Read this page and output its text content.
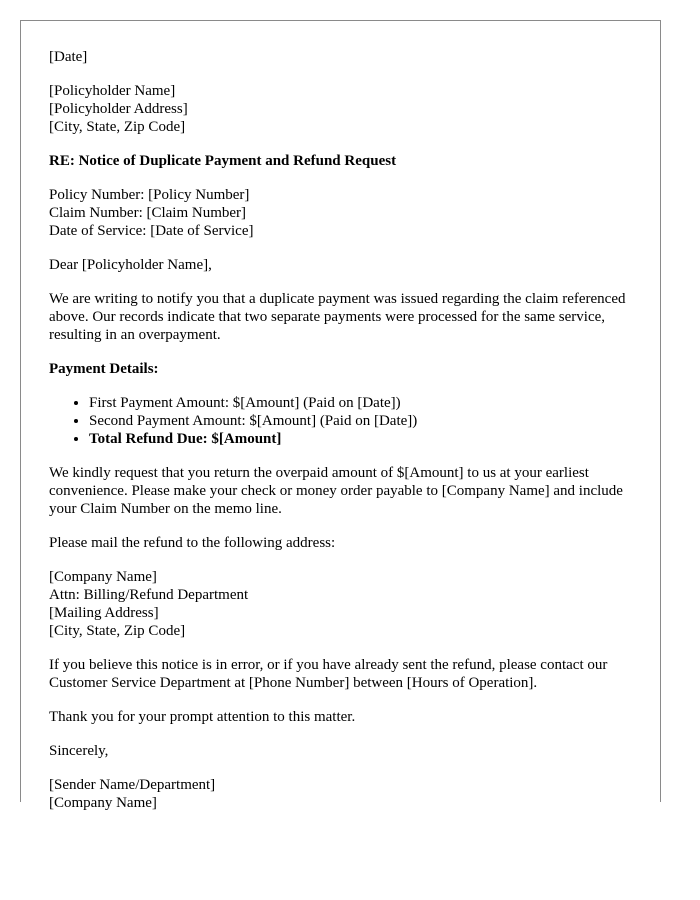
[Date]

[Policyholder Name]
[Policyholder Address]
[City, State, Zip Code]

RE: Notice of Duplicate Payment and Refund Request

Policy Number: [Policy Number]
Claim Number: [Claim Number]
Date of Service: [Date of Service]

Dear [Policyholder Name],

We are writing to notify you that a duplicate payment was issued regarding the claim referenced above. Our records indicate that two separate payments were processed for the same service, resulting in an overpayment.

Payment Details:

• First Payment Amount: $[Amount] (Paid on [Date])
• Second Payment Amount: $[Amount] (Paid on [Date])
• Total Refund Due: $[Amount]

We kindly request that you return the overpaid amount of $[Amount] to us at your earliest convenience. Please make your check or money order payable to [Company Name] and include your Claim Number on the memo line.

Please mail the refund to the following address:

[Company Name]
Attn: Billing/Refund Department
[Mailing Address]
[City, State, Zip Code]

If you believe this notice is in error, or if you have already sent the refund, please contact our Customer Service Department at [Phone Number] between [Hours of Operation].

Thank you for your prompt attention to this matter.

Sincerely,

[Sender Name/Department]
[Company Name]
